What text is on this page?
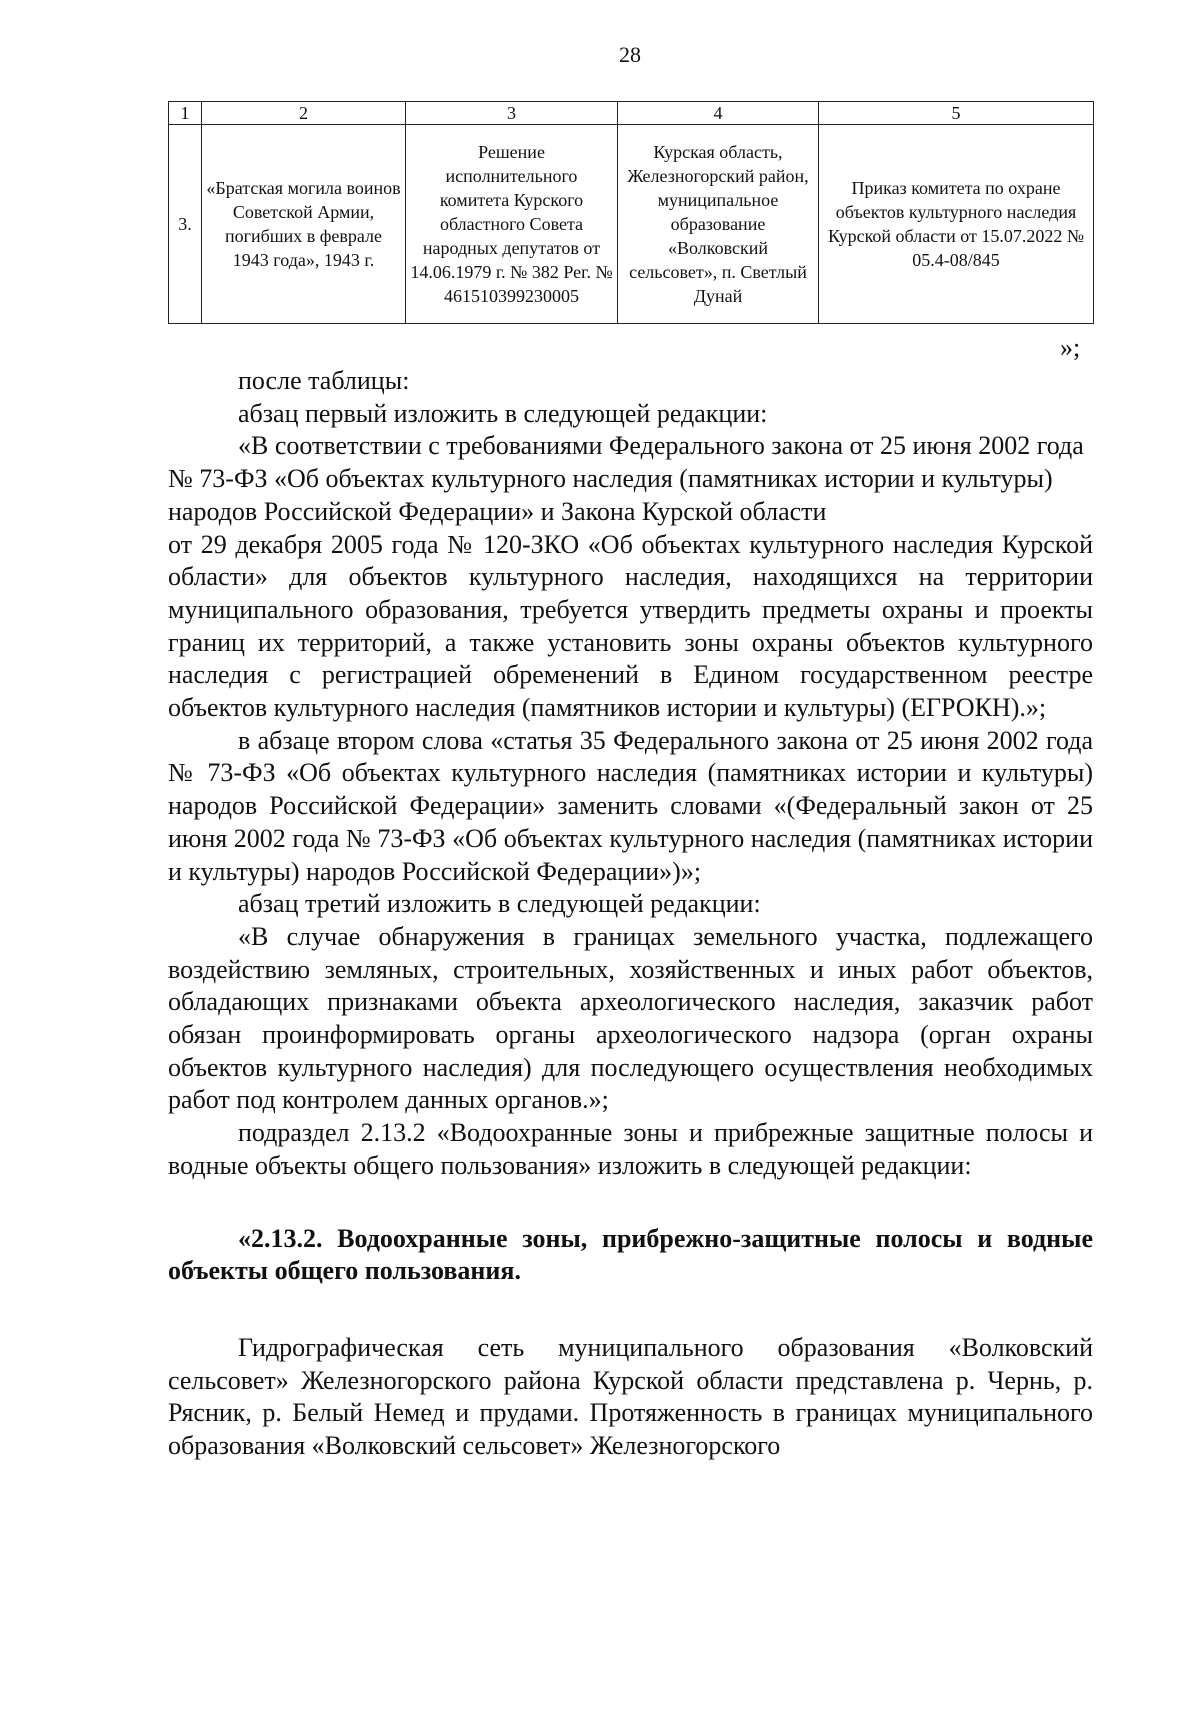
28
1	2	3	4	5
3.	«Братская могила воинов Советской Армии, погибших в феврале 1943 года», 1943 г.	Решение исполнительного комитета Курского областного Совета народных депутатов от 14.06.1979 г. № 382 Рег. № 461510399230005	Курская область, Железногорский район, муниципальное образование «Волковский сельсовет», п. Светлый Дунай	Приказ комитета по охране объектов культурного наследия Курской области от 15.07.2022 № 05.4-08/845
»;

после таблицы:

абзац первый изложить в следующей редакции:

«В соответствии с требованиями Федерального закона от 25 июня 2002 года № 73-ФЗ «Об объектах культурного наследия (памятниках истории и культуры) народов Российской Федерации» и Закона Курской области

от 29 декабря 2005 года № 120-ЗКО «Об объектах культурного наследия Курской области» для объектов культурного наследия, находящихся на территории муниципального образования, требуется утвердить предметы охраны и проекты границ их территорий, а также установить зоны охраны объектов культурного наследия с регистрацией обременений в Едином государственном реестре объектов культурного наследия (памятников истории и культуры) (ЕГРОКН).»;

в абзаце втором слова «статья 35 Федерального закона от 25 июня 2002 года № 73-ФЗ «Об объектах культурного наследия (памятниках истории и культуры) народов Российской Федерации» заменить словами «(Федеральный закон от 25 июня 2002 года № 73-ФЗ «Об объектах культурного наследия (памятниках истории и культуры) народов Российской Федерации»)»;

абзац третий изложить в следующей редакции:

«В случае обнаружения в границах земельного участка, подлежащего воздействию земляных, строительных, хозяйственных и иных работ объектов, обладающих признаками объекта археологического наследия, заказчик работ обязан проинформировать органы археологического надзора (орган охраны объектов культурного наследия) для последующего осуществления необходимых работ под контролем данных органов.»;

подраздел 2.13.2 «Водоохранные зоны и прибрежные защитные полосы и водные объекты общего пользования» изложить в следующей редакции:

«2.13.2. Водоохранные зоны, прибрежно-защитные полосы и водные объекты общего пользования.

Гидрографическая сеть муниципального образования «Волковский сельсовет» Железногорского района Курской области представлена р. Чернь, р. Рясник, р. Белый Немед и прудами. Протяженность в границах муниципального образования «Волковский сельсовет» Железногорского
